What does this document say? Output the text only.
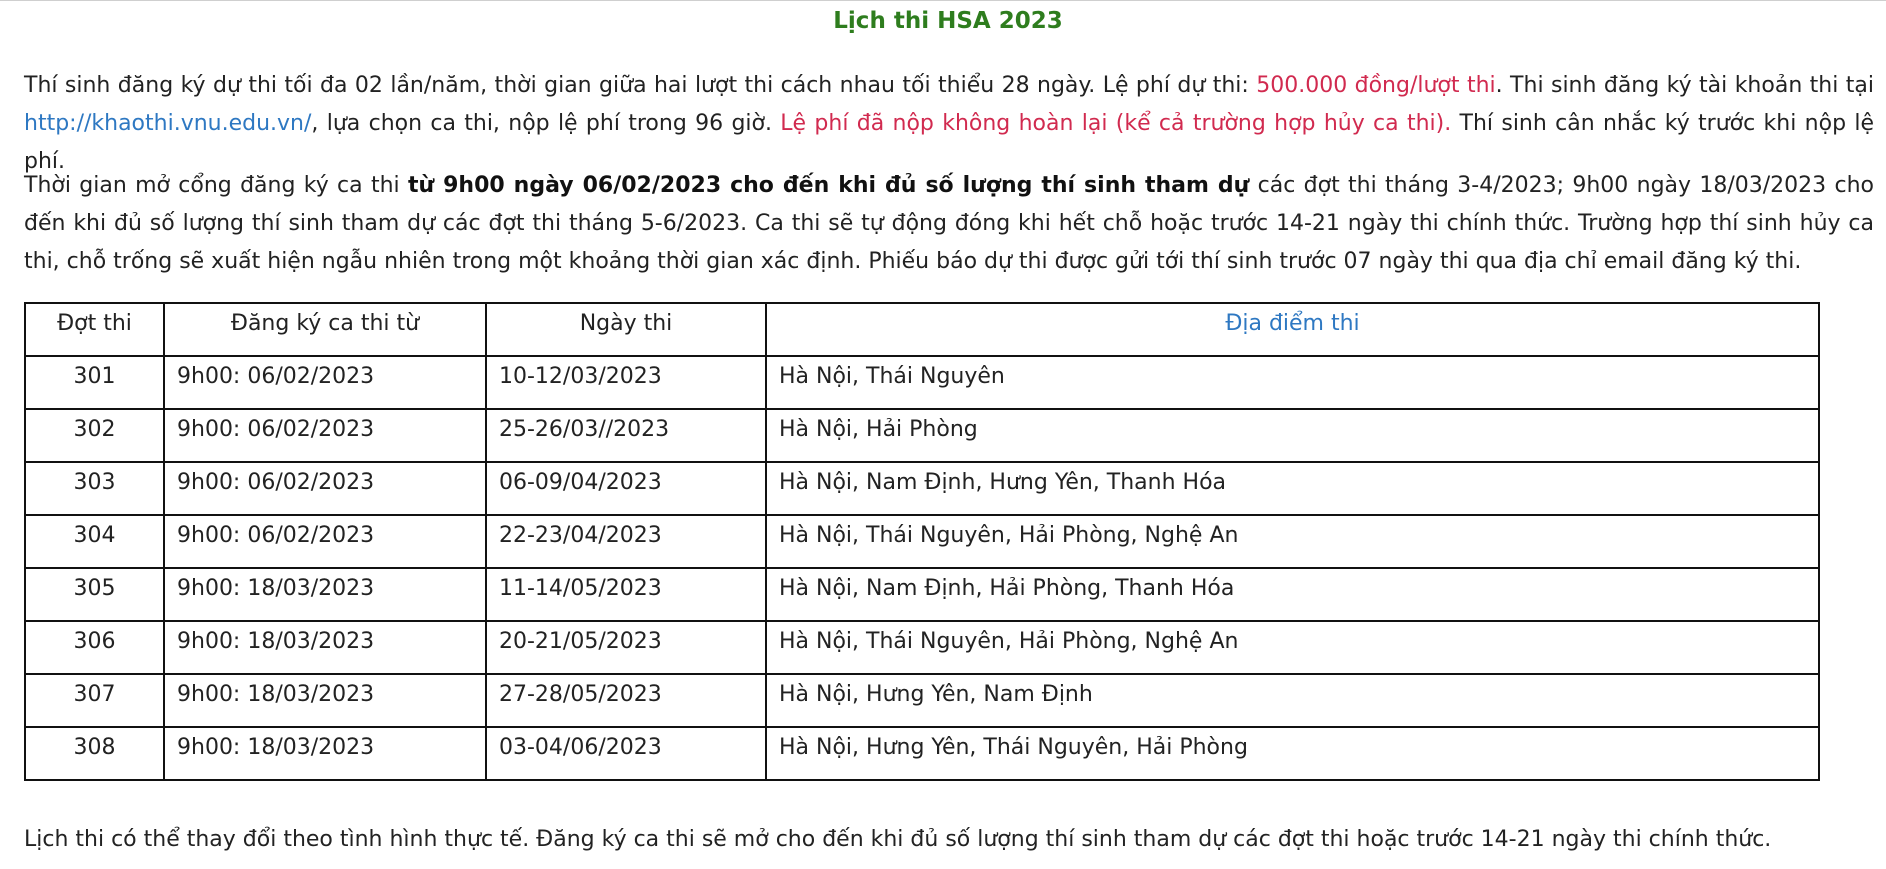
Lịch thi HSA 2023

Thí sinh đăng ký dự thi tối đa 02 lần/năm, thời gian giữa hai lượt thi cách nhau tối thiểu 28 ngày. Lệ phí dự thi: 500.000 đồng/lượt thi. Thi sinh đăng ký tài khoản thi tại http://khaothi.vnu.edu.vn/, lựa chọn ca thi, nộp lệ phí trong 96 giờ. Lệ phí đã nộp không hoàn lại (kể cả trường hợp hủy ca thi). Thí sinh cân nhắc ký trước khi nộp lệ phí.

Thời gian mở cổng đăng ký ca thi từ 9h00 ngày 06/02/2023 cho đến khi đủ số lượng thí sinh tham dự các đợt thi tháng 3-4/2023; 9h00 ngày 18/03/2023 cho đến khi đủ số lượng thí sinh tham dự các đợt thi tháng 5-6/2023. Ca thi sẽ tự động đóng khi hết chỗ hoặc trước 14-21 ngày thi chính thức. Trường hợp thí sinh hủy ca thi, chỗ trống sẽ xuất hiện ngẫu nhiên trong một khoảng thời gian xác định. Phiếu báo dự thi được gửi tới thí sinh trước 07 ngày thi qua địa chỉ email đăng ký thi.

Đợt thi	Đăng ký ca thi từ	Ngày thi	Địa điểm thi
301	9h00: 06/02/2023	10-12/03/2023	Hà Nội, Thái Nguyên
302	9h00: 06/02/2023	25-26/03//2023	Hà Nội, Hải Phòng
303	9h00: 06/02/2023	06-09/04/2023	Hà Nội, Nam Định, Hưng Yên, Thanh Hóa
304	9h00: 06/02/2023	22-23/04/2023	Hà Nội, Thái Nguyên, Hải Phòng, Nghệ An
305	9h00: 18/03/2023	11-14/05/2023	Hà Nội, Nam Định, Hải Phòng, Thanh Hóa
306	9h00: 18/03/2023	20-21/05/2023	Hà Nội, Thái Nguyên, Hải Phòng, Nghệ An
307	9h00: 18/03/2023	27-28/05/2023	Hà Nội, Hưng Yên, Nam Định
308	9h00: 18/03/2023	03-04/06/2023	Hà Nội, Hưng Yên, Thái Nguyên, Hải Phòng

Lịch thi có thể thay đổi theo tình hình thực tế. Đăng ký ca thi sẽ mở cho đến khi đủ số lượng thí sinh tham dự các đợt thi hoặc trước 14-21 ngày thi chính thức.
